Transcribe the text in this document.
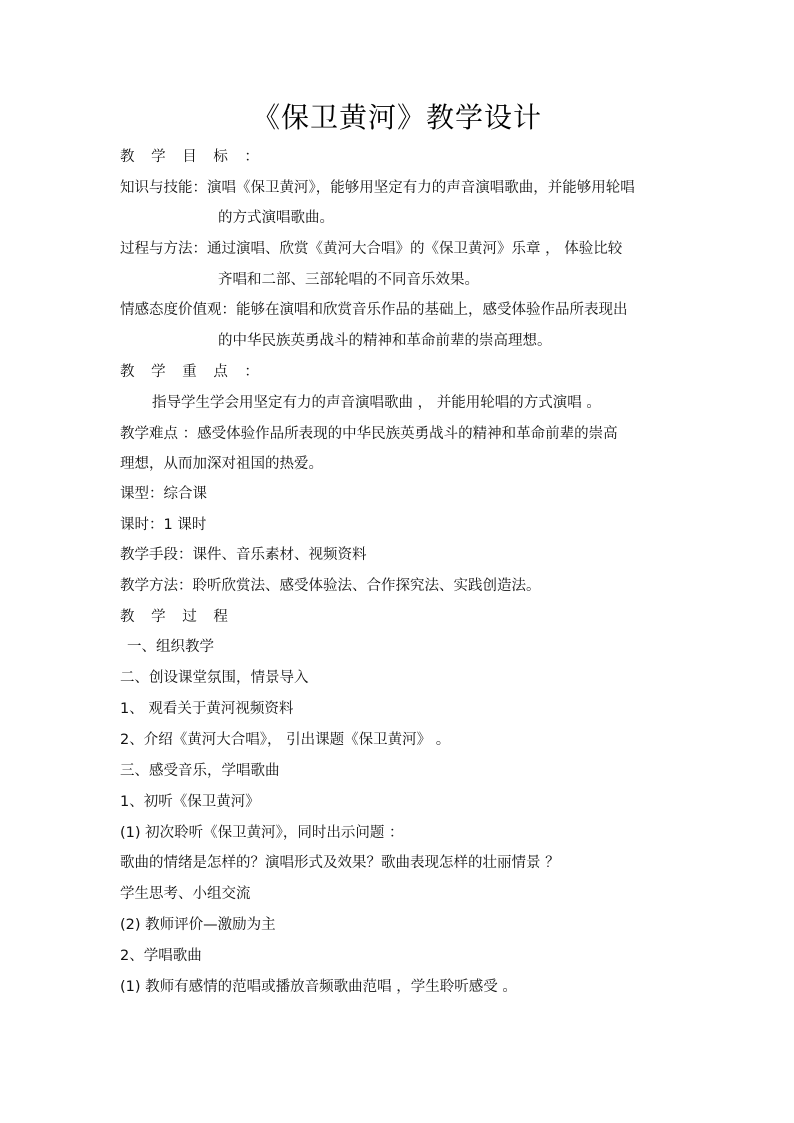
《保卫黄河》教学设计
教 学 目 标 ：
知识与技能：演唱《保卫黄河》，能够用坚定有力的声音演唱歌曲，并能够用轮唱
的方式演唱歌曲。
过程与方法：通过演唱、欣赏《黄河大合唱》的《保卫黄河》乐章 ， 体验比较
齐唱和二部、三部轮唱的不同音乐效果。
情感态度价值观：能够在演唱和欣赏音乐作品的基础上，感受体验作品所表现出
的中华民族英勇战斗的精神和革命前辈的崇高理想。
教 学 重 点 ：
指导学生学会用坚定有力的声音演唱歌曲 ， 并能用轮唱的方式演唱 。
教学难点 ：感受体验作品所表现的中华民族英勇战斗的精神和革命前辈的崇高
理想，从而加深对祖国的热爱。
课型：综合课
课时：1 课时
教学手段：课件、音乐素材、视频资料
教学方法：聆听欣赏法、感受体验法、合作探究法、实践创造法。
教 学 过 程
一、组织教学
二、创设课堂氛围，情景导入
1、 观看关于黄河视频资料
2、介绍《黄河大合唱》， 引出课题《保卫黄河》 。
三、感受音乐，学唱歌曲
1、初听《保卫黄河》
(1) 初次聆听《保卫黄河》，同时出示问题 ：
歌曲的情绪是怎样的？演唱形式及效果？歌曲表现怎样的壮丽情景 ？
学生思考、小组交流
(2) 教师评价—激励为主
2、学唱歌曲
(1) 教师有感情的范唱或播放音频歌曲范唱 ，学生聆听感受 。
